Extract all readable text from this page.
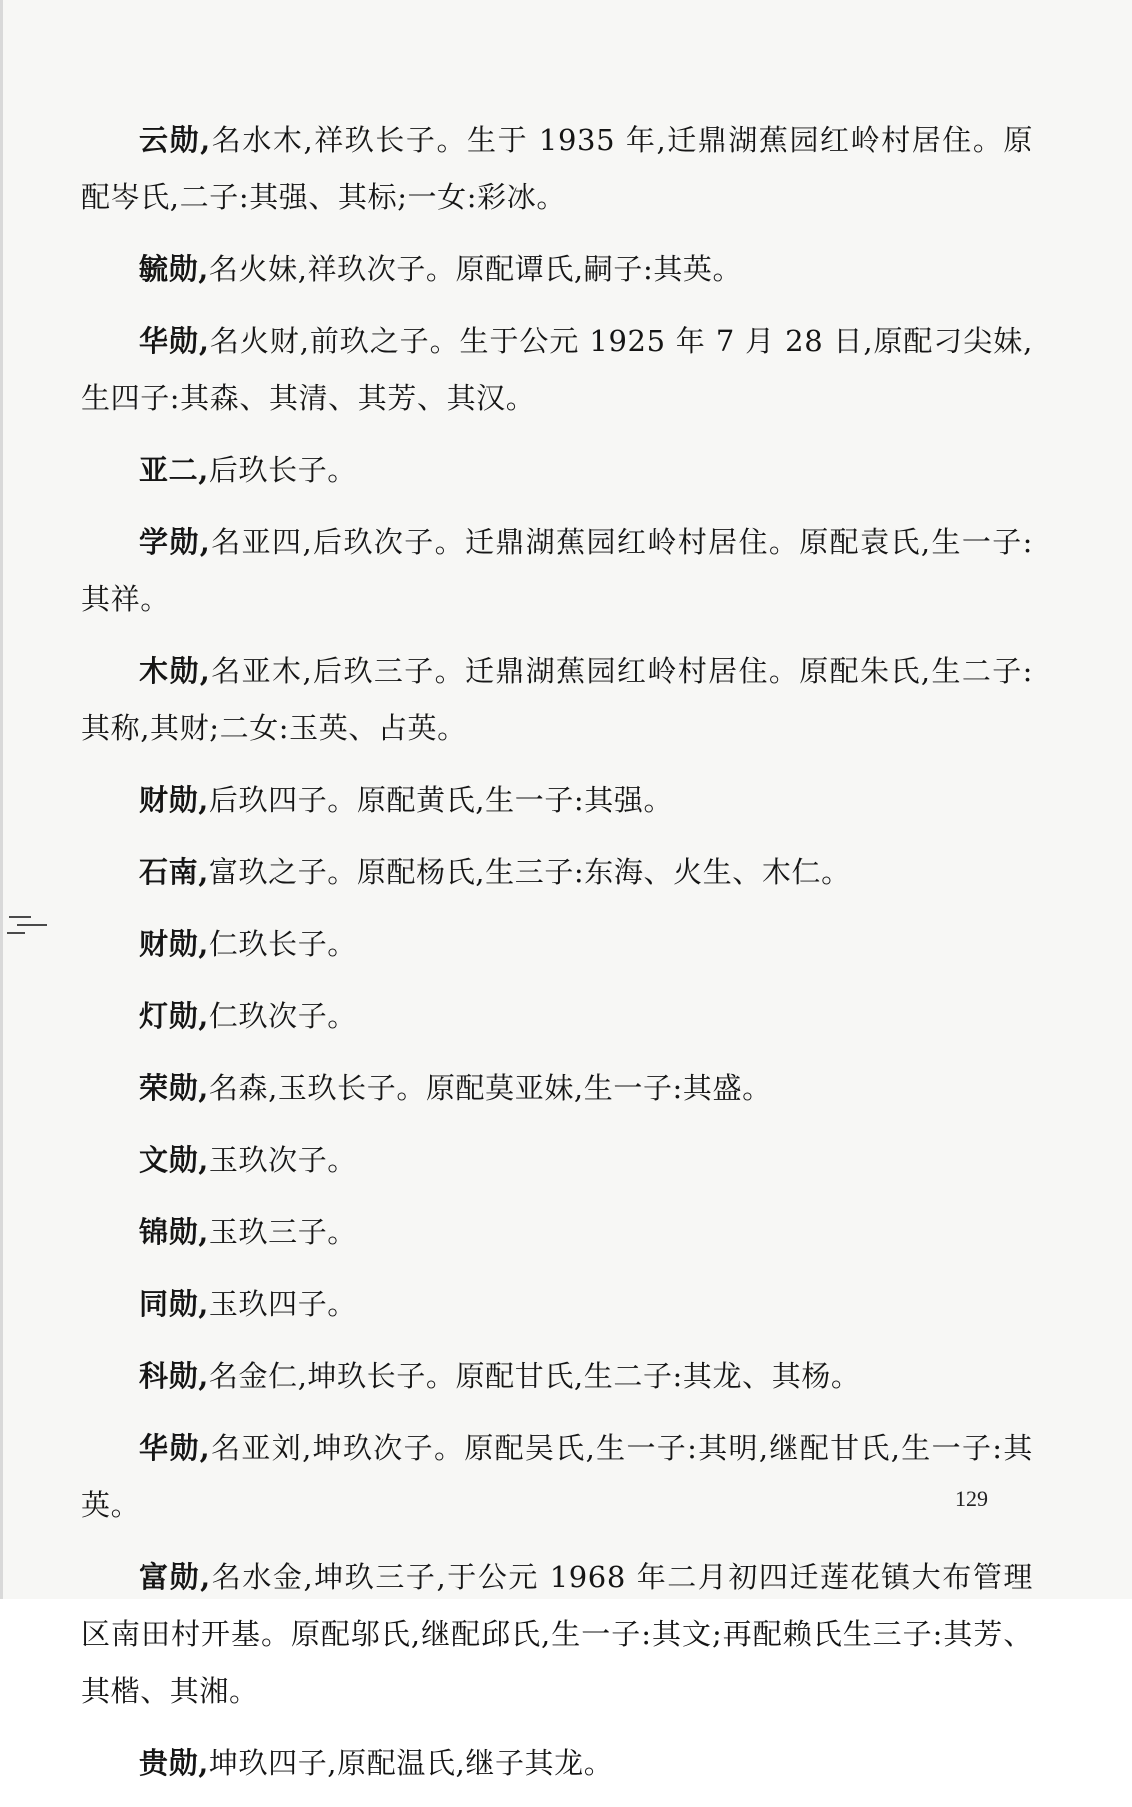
云勋,名水木,祥玖长子。生于 1935 年,迁鼎湖蕉园红岭村居住。原配岑氏,二子:其强、其标;一女:彩冰。

毓勋,名火妹,祥玖次子。原配谭氏,嗣子:其英。

华勋,名火财,前玖之子。生于公元 1925 年 7 月 28 日,原配刁尖妹,生四子:其森、其清、其芳、其汉。

亚二,后玖长子。

学勋,名亚四,后玖次子。迁鼎湖蕉园红岭村居住。原配袁氏,生一子:其祥。

木勋,名亚木,后玖三子。迁鼎湖蕉园红岭村居住。原配朱氏,生二子:其称,其财;二女:玉英、占英。

财勋,后玖四子。原配黄氏,生一子:其强。

石南,富玖之子。原配杨氏,生三子:东海、火生、木仁。

财勋,仁玖长子。

灯勋,仁玖次子。

荣勋,名森,玉玖长子。原配莫亚妹,生一子:其盛。

文勋,玉玖次子。

锦勋,玉玖三子。

同勋,玉玖四子。

科勋,名金仁,坤玖长子。原配甘氏,生二子:其龙、其杨。

华勋,名亚刘,坤玖次子。原配吴氏,生一子:其明,继配甘氏,生一子:其英。

富勋,名水金,坤玖三子,于公元 1968 年二月初四迁莲花镇大布管理区南田村开基。原配邬氏,继配邱氏,生一子:其文;再配赖氏生三子:其芳、其楷、其湘。

贵勋,坤玖四子,原配温氏,继子其龙。

129
